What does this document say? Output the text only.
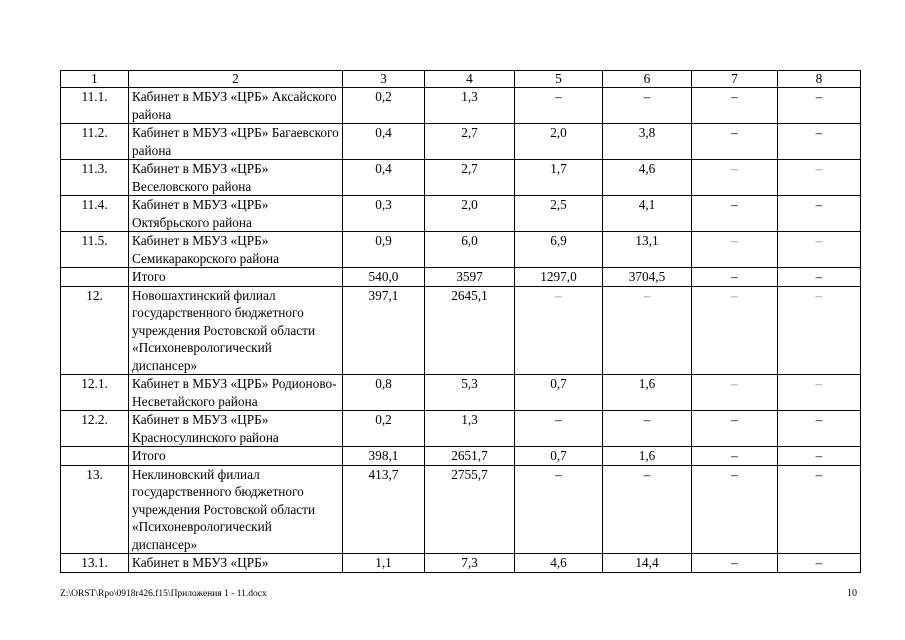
1	2	3	4	5	6	7	8
11.1.	Кабинет в МБУЗ «ЦРБ» Аксайского района	0,2	1,3	–	–	–	–
11.2.	Кабинет в МБУЗ «ЦРБ» Багаевского района	0,4	2,7	2,0	3,8	–	–
11.3.	Кабинет в МБУЗ «ЦРБ» Веселовского района	0,4	2,7	1,7	4,6	–	–
11.4.	Кабинет в МБУЗ «ЦРБ» Октябрьского района	0,3	2,0	2,5	4,1	–	–
11.5.	Кабинет в МБУЗ «ЦРБ» Семикаракорского района	0,9	6,0	6,9	13,1	–	–
	Итого	540,0	3597	1297,0	3704,5	–	–
12.	Новошахтинский филиал государственного бюджетного учреждения Ростовской области «Психоневрологический диспансер»	397,1	2645,1	–	–	–	–
12.1.	Кабинет в МБУЗ «ЦРБ» Родионово-Несветайского района	0,8	5,3	0,7	1,6	–	–
12.2.	Кабинет в МБУЗ «ЦРБ» Красносулинского района	0,2	1,3	–	–	–	–
	Итого	398,1	2651,7	0,7	1,6	–	–
13.	Неклиновский филиал государственного бюджетного учреждения Ростовской области «Психоневрологический диспансер»	413,7	2755,7	–	–	–	–
13.1.	Кабинет в МБУЗ «ЦРБ»	1,1	7,3	4,6	14,4	–	–
Z:\ORST\Rpo\0918r426.f15\Приложения 1 - 11.docx	10
